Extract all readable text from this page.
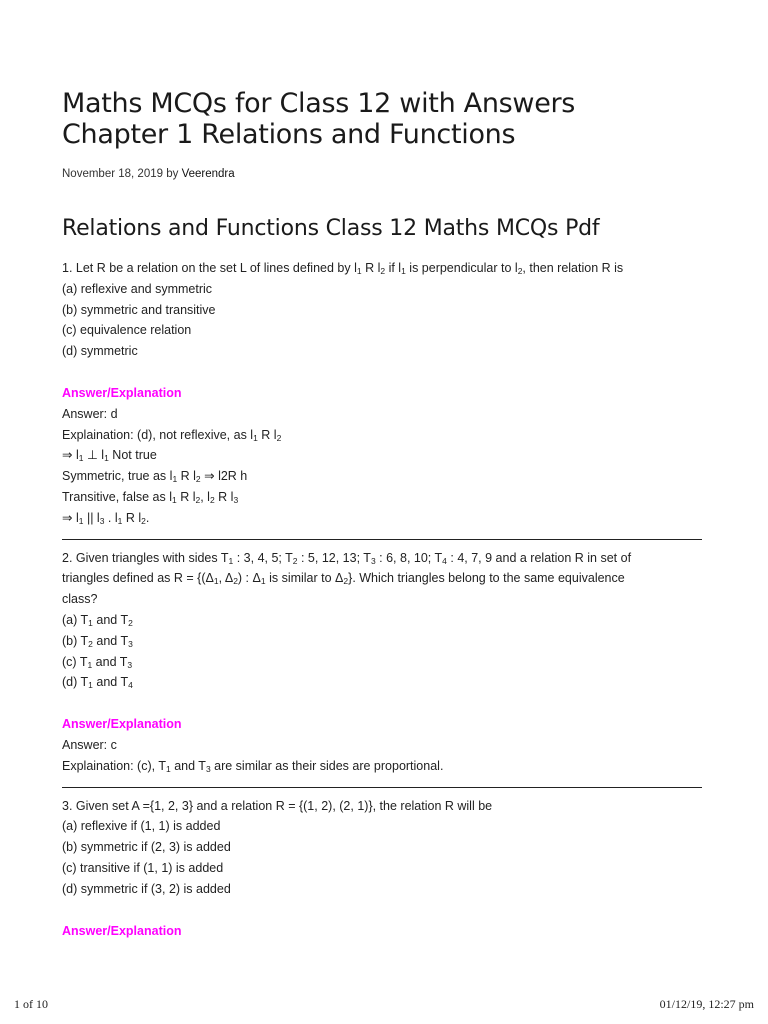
Maths MCQs for Class 12 with Answers
Chapter 1 Relations and Functions
November 18, 2019 by Veerendra
Relations and Functions Class 12 Maths MCQs Pdf
1. Let R be a relation on the set L of lines defined by $l_1$ R $l_2$ if $l_1$ is perpendicular to $l_2$, then relation R is
(a) reflexive and symmetric
(b) symmetric and transitive
(c) equivalence relation
(d) symmetric
Answer/Explanation
Answer: d
Explaination: (d), not reflexive, as $l_1$ R $l_2$
⇒ $l_1$ ⊥ $l_1$ Not true
Symmetric, true as $l_1$ R $l_2$ ⇒ l2R h
Transitive, false as $l_1$ R $l_2$, $l_2$ R $l_3$
⇒ $l_1$ || $l_3$ . $l_1$ R $l_2$.
2. Given triangles with sides $T_1$ : 3, 4, 5; $T_2$ : 5, 12, 13; $T_3$ : 6, 8, 10; $T_4$ : 4, 7, 9 and a relation R in set of
triangles defined as $R = \{(\Delta_1$, $\Delta_2$) : $\Delta_1$ is similar to $\Delta_2$}. Which triangles belong to the same equivalence
class?
(a) $T_1$ and $T_2$
(b) $T_2$ and $T_3$
(c) $T_1$ and $T_3$
(d) $T_1$ and $T_4$
Answer/Explanation
Answer: c
Explaination: (c), $T_1$ and $T_3$ are similar as their sides are proportional.
3. Given set A ={1, 2, 3} and a relation R = {(1, 2), (2, 1)}, the relation R will be
(a) reflexive if (1, 1) is added
(b) symmetric if (2, 3) is added
(c) transitive if (1, 1) is added
(d) symmetric if (3, 2) is added
Answer/Explanation
1 of 10	01/12/19, 12:27 pm
